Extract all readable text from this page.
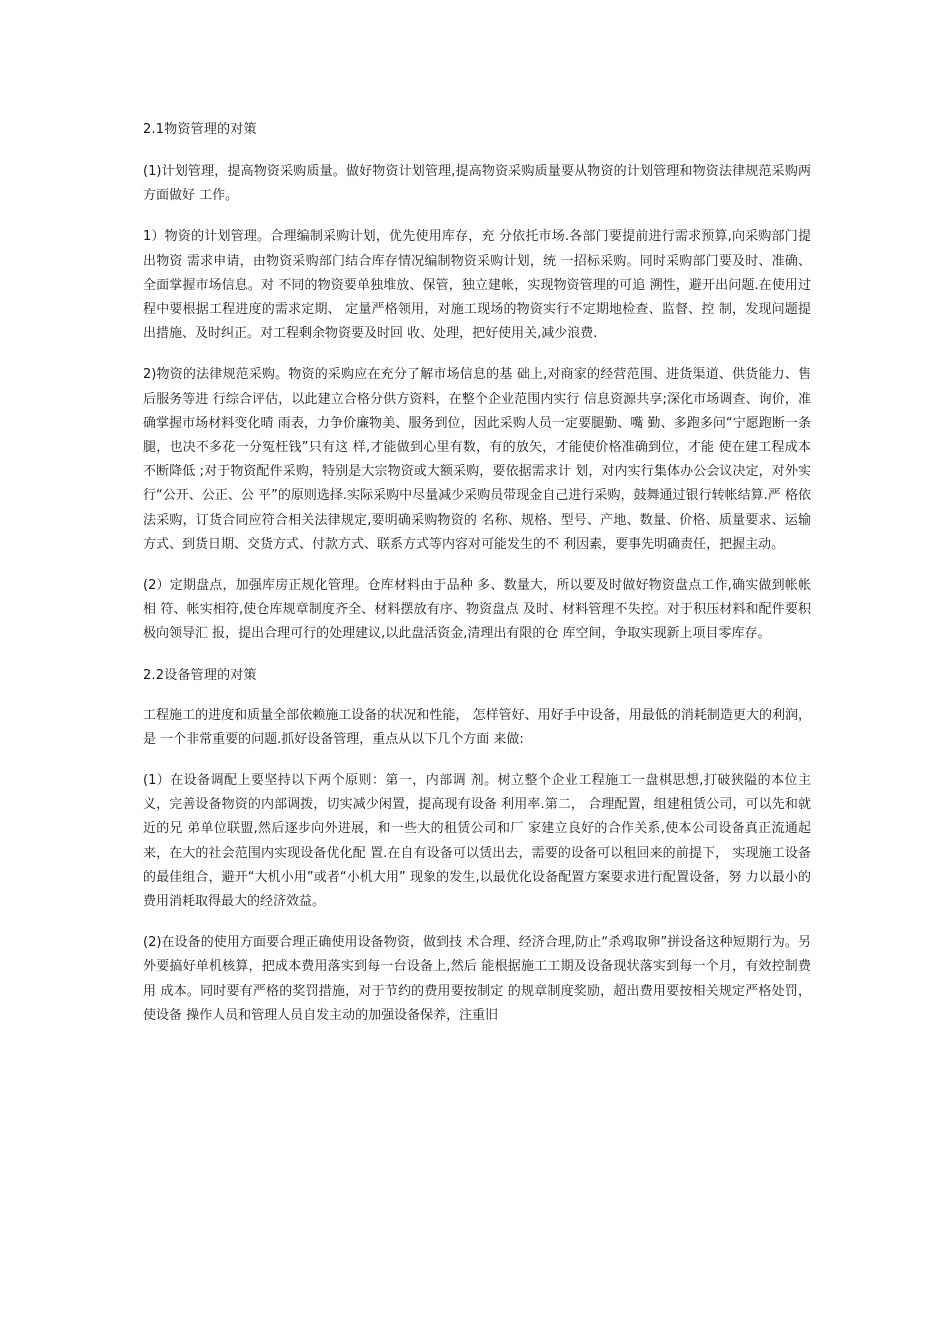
2.1物资管理的对策
(1)计划管理，提高物资采购质量。做好物资计划管理,提高物资采购质量要从物资的计划管理和物资法律规范采购两方面做好 工作。
1）物资的计划管理。合理编制采购计划，优先使用库存，充 分依托市场.各部门要提前进行需求预算,向采购部门提出物资 需求申请，由物资采购部门结合库存情况编制物资采购计划，统 一招标采购。同时采购部门要及时、准确、全面掌握市场信息。对 不同的物资要单独堆放、保管，独立建帐，实现物资管理的可追 溯性，避开出问题.在使用过程中要根据工程进度的需求定期、 定量严格领用，对施工现场的物资实行不定期地检查、监督、控 制，发现问题提出措施、及时纠正。对工程剩余物资要及时回 收、处理，把好使用关,减少浪费.
2)物资的法律规范采购。物资的采购应在充分了解市场信息的基 础上,对商家的经营范围、进货渠道、供货能力、售后服务等进 行综合评估，以此建立合格分供方资料，在整个企业范围内实行 信息资源共享;深化市场调查、询价，准确掌握市场材料变化晴 雨表，力争价廉物美、服务到位，因此采购人员一定要腿勤、嘴 勤、多跑多问“宁愿跑断一条腿，也决不多花一分冤枉钱”只有这 样,才能做到心里有数，有的放矢，才能使价格准确到位，才能 使在建工程成本不断降低 ;对于物资配件采购，特别是大宗物资或大额采购，要依据需求计 划，对内实行集体办公会议决定，对外实行“公开、公正、公 平”的原则选择.实际采购中尽量减少采购员带现金自己进行采购，鼓舞通过银行转帐结算.严 格依法采购，订货合同应符合相关法律规定,要明确采购物资的 名称、规格、型号、产地、数量、价格、质量要求、运输方式、到货日期、交货方式、付款方式、联系方式等内容对可能发生的不 利因素，要事先明确责任，把握主动。
(2）定期盘点，加强库房正规化管理。仓库材料由于品种 多、数量大，所以要及时做好物资盘点工作,确实做到帐帐相 符、帐实相符,使仓库规章制度齐全、材料摆放有序、物资盘点 及时、材料管理不失控。对于积压材料和配件要积极向领导汇 报，提出合理可行的处理建议,以此盘活资金,清理出有限的仓 库空间，争取实现新上项目零库存。
2.2设备管理的对策
工程施工的进度和质量全部依赖施工设备的状况和性能， 怎样管好、用好手中设备，用最低的消耗制造更大的利润，是 一个非常重要的问题.抓好设备管理，重点从以下几个方面 来做:
(1）在设备调配上要坚持以下两个原则：第一，内部调 剂。树立整个企业工程施工一盘棋思想,打破狭隘的本位主 义，完善设备物资的内部调拨，切实减少闲置，提高现有设备 利用率.第二， 合理配置，组建租赁公司，可以先和就近的兄 弟单位联盟,然后逐步向外进展，和一些大的租赁公司和厂 家建立良好的合作关系,使本公司设备真正流通起来，在大的社会范围内实现设备优化配 置.在自有设备可以赁出去，需要的设备可以租回来的前提下， 实现施工设备的最佳组合，避开“大机小用”或者“小机大用” 现象的发生,以最优化设备配置方案要求进行配置设备，努 力以最小的费用消耗取得最大的经济效益。
(2)在设备的使用方面要合理正确使用设备物资，做到技 术合理、经济合理,防止“杀鸡取卵”拼设备这种短期行为。另 外要搞好单机核算，把成本费用落实到每一台设备上,然后 能根据施工工期及设备现状落实到每一个月，有效控制费用 成本。同时要有严格的奖罚措施，对于节约的费用要按制定 的规章制度奖励，超出费用要按相关规定严格处罚，使设备 操作人员和管理人员自发主动的加强设备保养，注重旧
